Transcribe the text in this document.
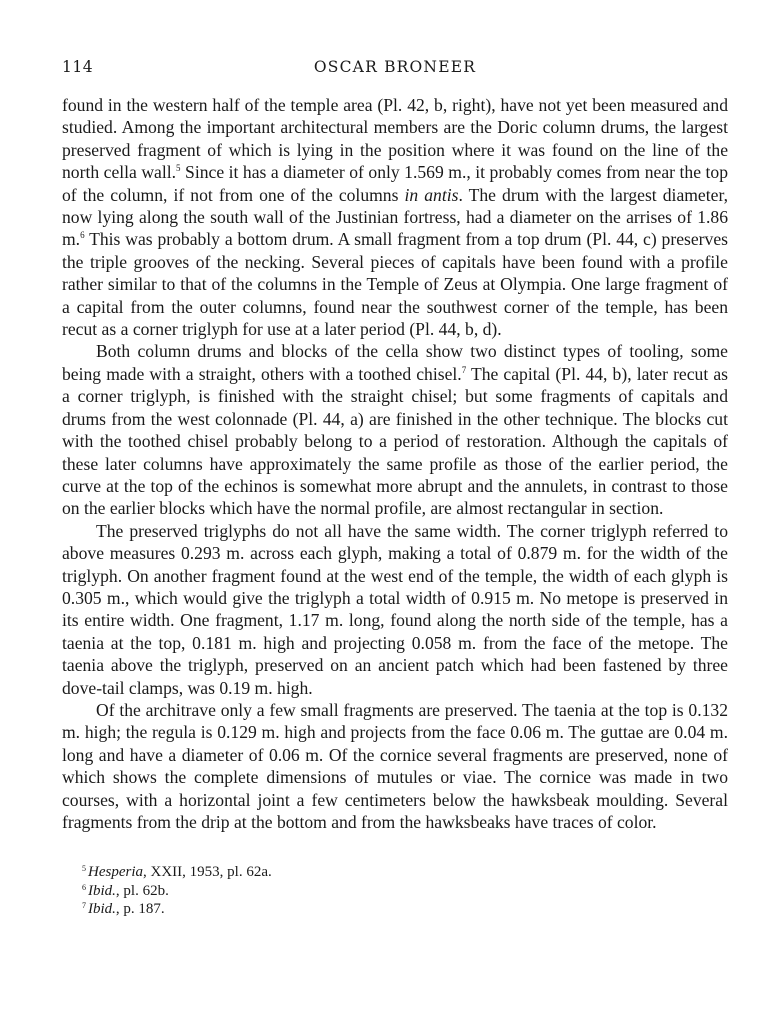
114	OSCAR BRONEER

found in the western half of the temple area (Pl. 42, b, right), have not yet been measured and studied. Among the important architectural members are the Doric column drums, the largest preserved fragment of which is lying in the position where it was found on the line of the north cella wall.$^5$ Since it has a diameter of only 1.569 m., it probably comes from near the top of the column, if not from one of the columns in antis. The drum with the largest diameter, now lying along the south wall of the Justinian fortress, had a diameter on the arrises of 1.86 m.$^6$ This was probably a bottom drum. A small fragment from a top drum (Pl. 44, c) preserves the triple grooves of the necking. Several pieces of capitals have been found with a profile rather similar to that of the columns in the Temple of Zeus at Olympia. One large fragment of a capital from the outer columns, found near the southwest corner of the temple, has been recut as a corner triglyph for use at a later period (Pl. 44, b, d).

Both column drums and blocks of the cella show two distinct types of tooling, some being made with a straight, others with a toothed chisel.$^7$ The capital (Pl. 44, b), later recut as a corner triglyph, is finished with the straight chisel; but some fragments of capitals and drums from the west colonnade (Pl. 44, a) are finished in the other technique. The blocks cut with the toothed chisel probably belong to a period of restoration. Although the capitals of these later columns have approximately the same profile as those of the earlier period, the curve at the top of the echinos is somewhat more abrupt and the annulets, in contrast to those on the earlier blocks which have the normal profile, are almost rectangular in section.

The preserved triglyphs do not all have the same width. The corner triglyph referred to above measures 0.293 m. across each glyph, making a total of 0.879 m. for the width of the triglyph. On another fragment found at the west end of the temple, the width of each glyph is 0.305 m., which would give the triglyph a total width of 0.915 m. No metope is preserved in its entire width. One fragment, 1.17 m. long, found along the north side of the temple, has a taenia at the top, 0.181 m. high and projecting 0.058 m. from the face of the metope. The taenia above the triglyph, preserved on an ancient patch which had been fastened by three dove-tail clamps, was 0.19 m. high.

Of the architrave only a few small fragments are preserved. The taenia at the top is 0.132 m. high; the regula is 0.129 m. high and projects from the face 0.06 m. The guttae are 0.04 m. long and have a diameter of 0.06 m. Of the cornice several fragments are preserved, none of which shows the complete dimensions of mutules or viae. The cornice was made in two courses, with a horizontal joint a few centimeters below the hawksbeak moulding. Several fragments from the drip at the bottom and from the hawksbeaks have traces of color.

$^5$ Hesperia, XXII, 1953, pl. 62a.
$^6$ Ibid., pl. 62b.
$^7$ Ibid., p. 187.
